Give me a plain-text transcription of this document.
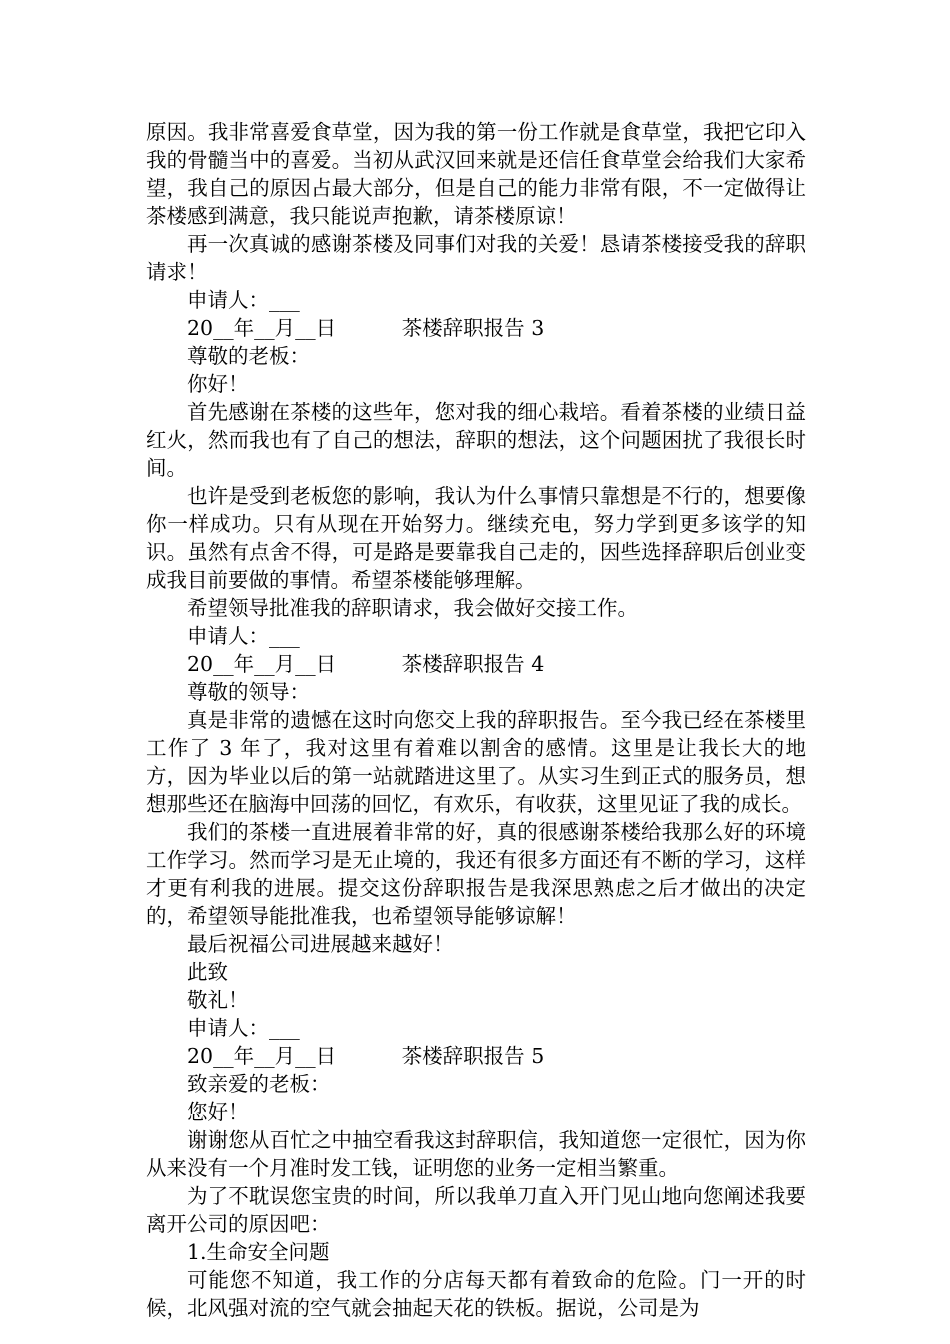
原因。我非常喜爱食草堂，因为我的第一份工作就是食草堂，我把它印入我的骨髓当中的喜爱。当初从武汉回来就是还信任食草堂会给我们大家希望，我自己的原因占最大部分，但是自己的能力非常有限，不一定做得让茶楼感到满意，我只能说声抱歉，请茶楼原谅！

再一次真诚的感谢茶楼及同事们对我的关爱！恳请茶楼接受我的辞职请求！

申请人：___

20__年__月__日	茶楼辞职报告 3

尊敬的老板：

你好！

首先感谢在茶楼的这些年，您对我的细心栽培。看着茶楼的业绩日益红火，然而我也有了自己的想法，辞职的想法，这个问题困扰了我很长时间。

也许是受到老板您的影响，我认为什么事情只靠想是不行的，想要像你一样成功。只有从现在开始努力。继续充电，努力学到更多该学的知识。虽然有点舍不得，可是路是要靠我自己走的，因些选择辞职后创业变成我目前要做的事情。希望茶楼能够理解。

希望领导批准我的辞职请求，我会做好交接工作。

申请人：___

20__年__月__日	茶楼辞职报告 4

尊敬的领导：

真是非常的遗憾在这时向您交上我的辞职报告。至今我已经在茶楼里工作了 3 年了，我对这里有着难以割舍的感情。这里是让我长大的地方，因为毕业以后的第一站就踏进这里了。从实习生到正式的服务员，想想那些还在脑海中回荡的回忆，有欢乐，有收获，这里见证了我的成长。

我们的茶楼一直进展着非常的好，真的很感谢茶楼给我那么好的环境工作学习。然而学习是无止境的，我还有很多方面还有不断的学习，这样才更有利我的进展。提交这份辞职报告是我深思熟虑之后才做出的决定的，希望领导能批准我，也希望领导能够谅解！

最后祝福公司进展越来越好！

此致

敬礼！

申请人：___

20__年__月__日	茶楼辞职报告 5

致亲爱的老板：

您好！

谢谢您从百忙之中抽空看我这封辞职信，我知道您一定很忙，因为你从来没有一个月准时发工钱，证明您的业务一定相当繁重。

为了不耽误您宝贵的时间，所以我单刀直入开门见山地向您阐述我要离开公司的原因吧：

1.生命安全问题

可能您不知道，我工作的分店每天都有着致命的危险。门一开的时候，北风强对流的空气就会抽起天花的铁板。据说，公司是为
